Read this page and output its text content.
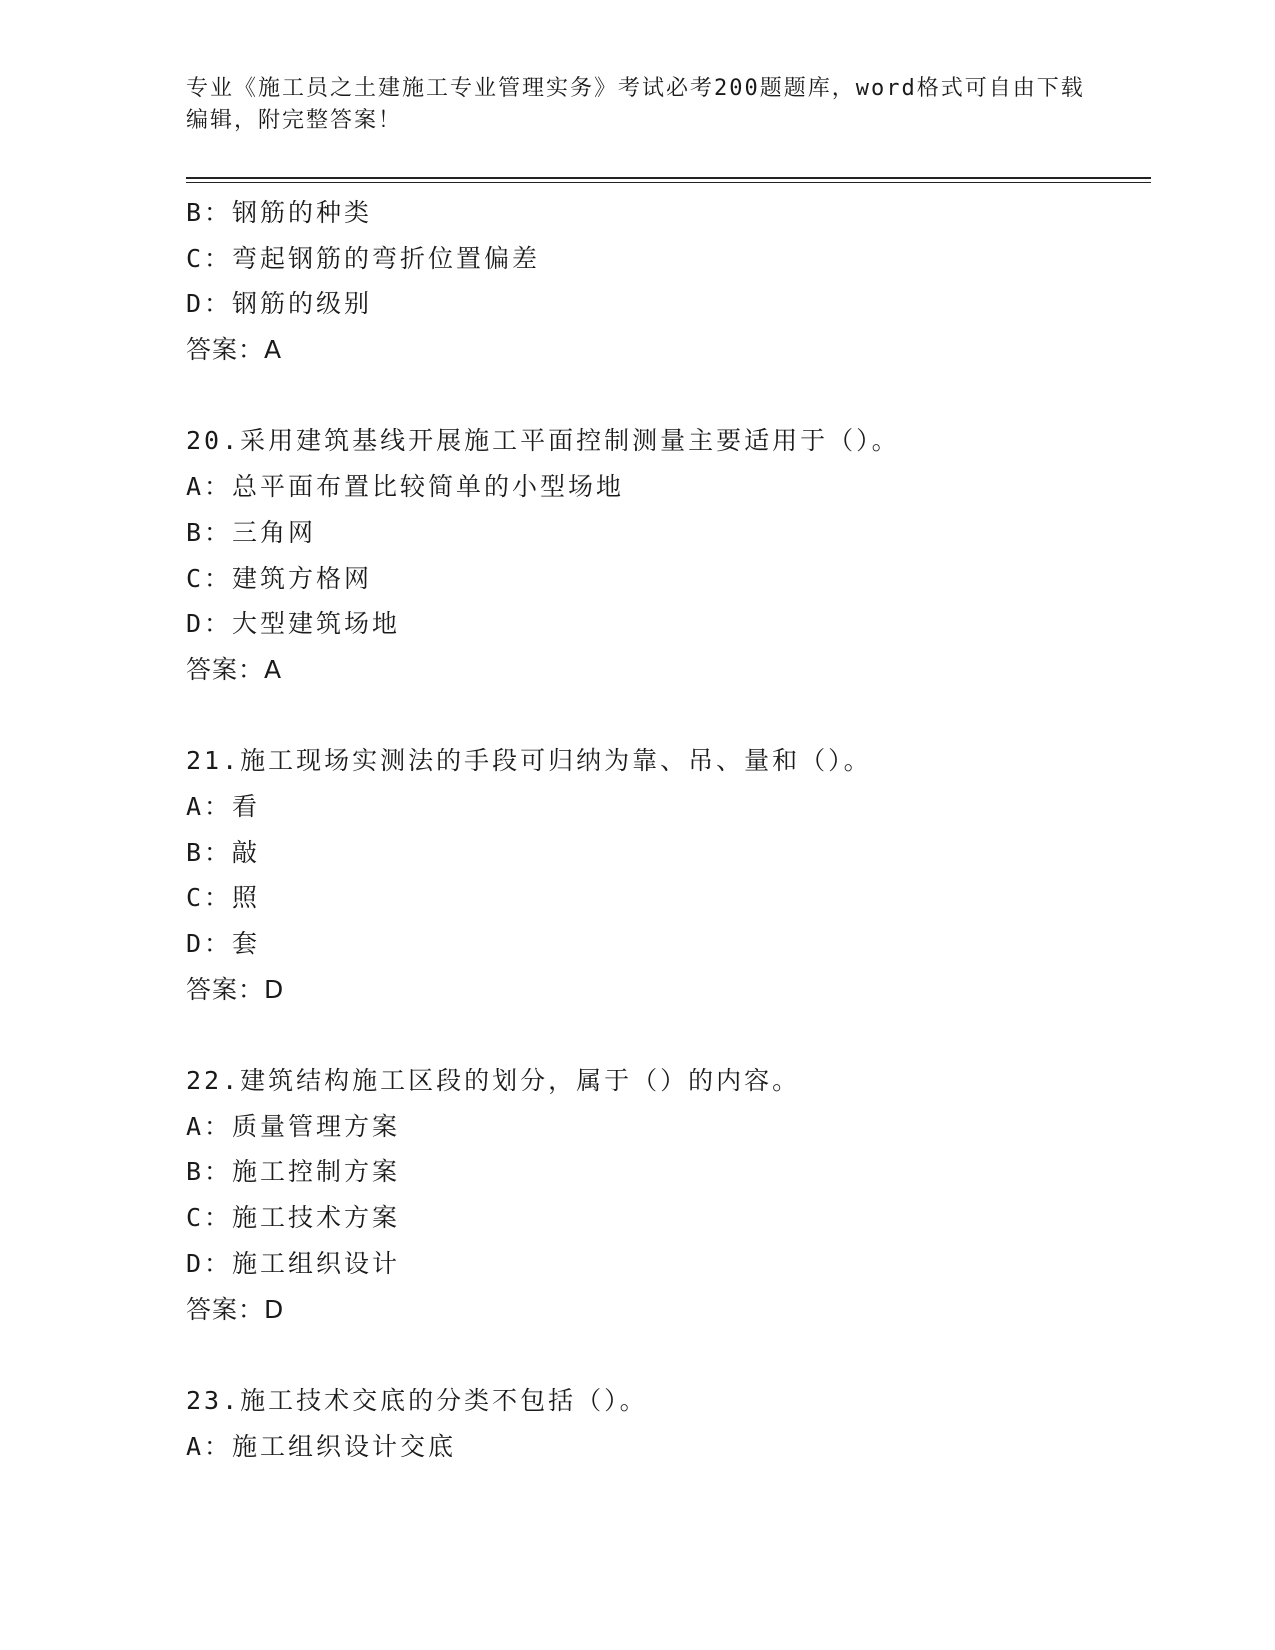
专业《施工员之土建施工专业管理实务》考试必考200题题库，word格式可自由下载编辑，附完整答案！
B：钢筋的种类
C：弯起钢筋的弯折位置偏差
D：钢筋的级别
答案：A
20.采用建筑基线开展施工平面控制测量主要适用于（）。
A：总平面布置比较简单的小型场地
B：三角网
C：建筑方格网
D：大型建筑场地
答案：A
21.施工现场实测法的手段可归纳为靠、吊、量和（）。
A：看
B：敲
C：照
D：套
答案：D
22.建筑结构施工区段的划分，属于（）的内容。
A：质量管理方案
B：施工控制方案
C：施工技术方案
D：施工组织设计
答案：D
23.施工技术交底的分类不包括（）。
A：施工组织设计交底
